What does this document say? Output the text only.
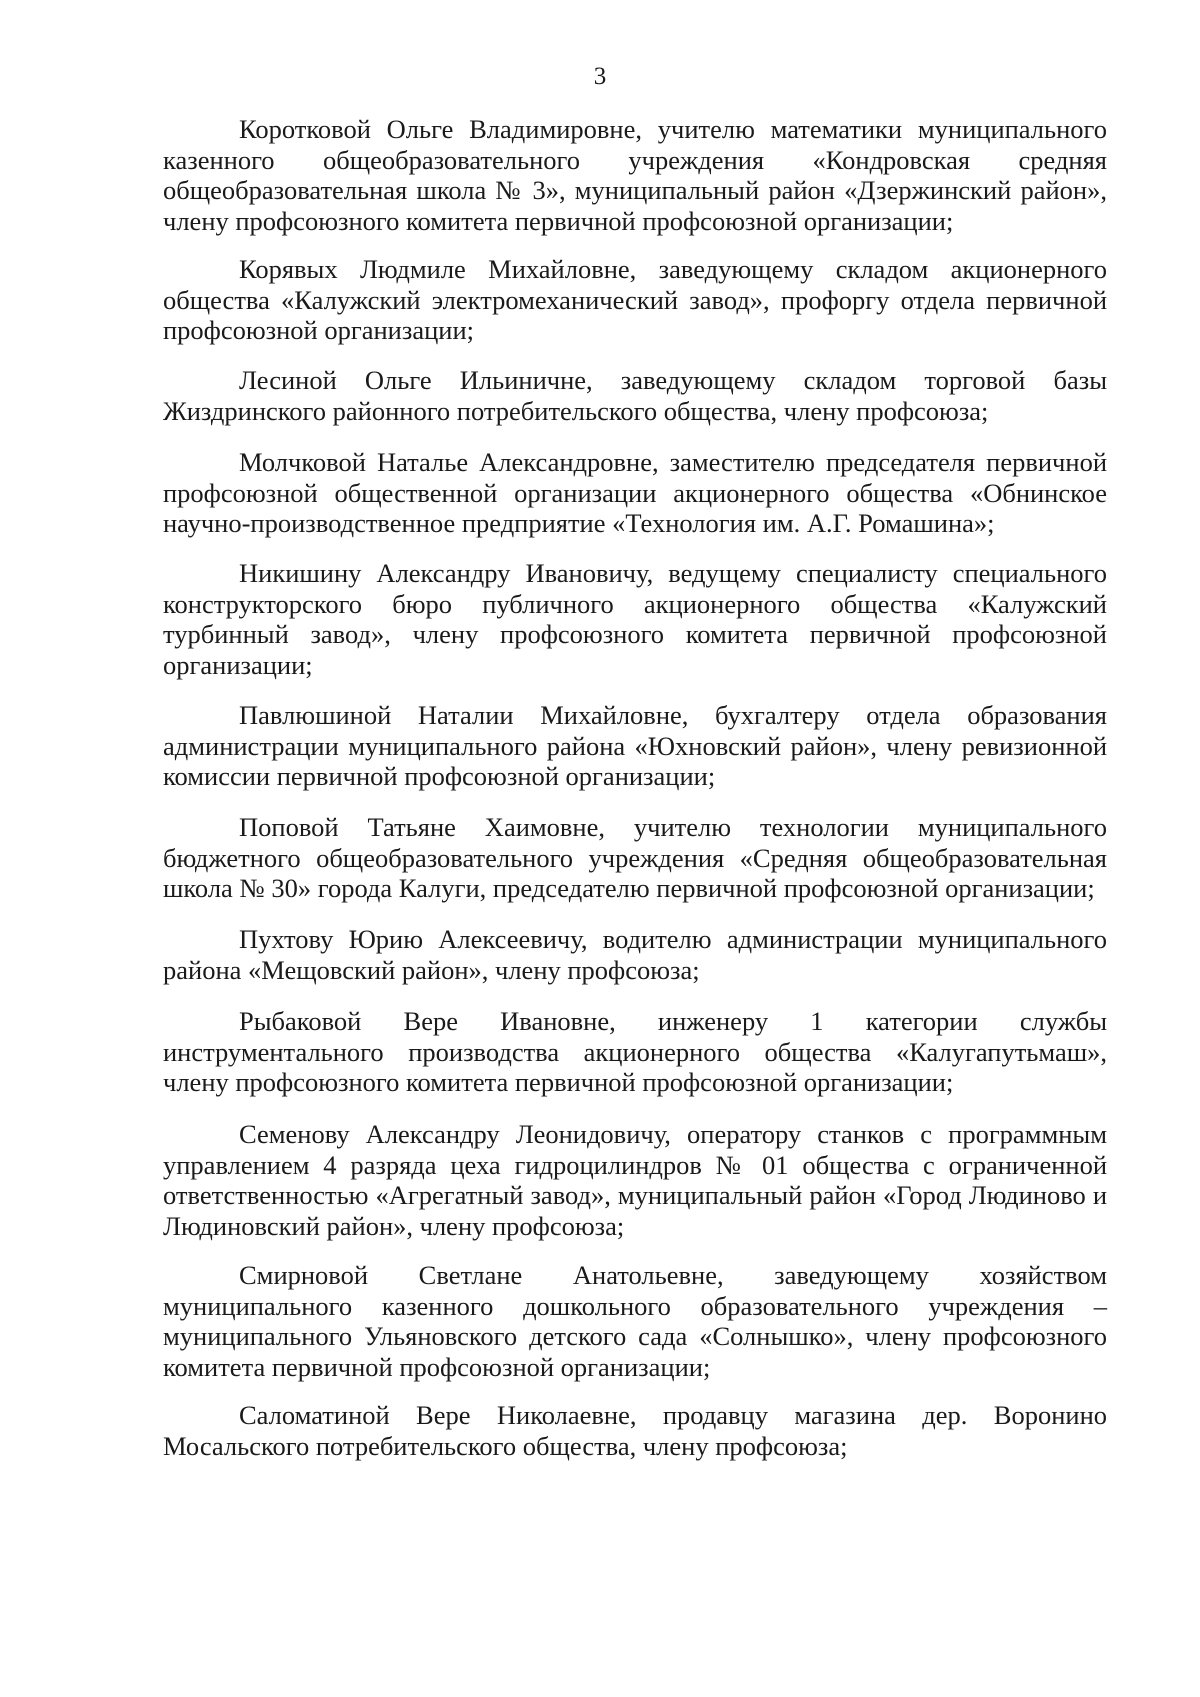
3

Коротковой Ольге Владимировне, учителю математики муниципального казенного общеобразовательного учреждения «Кондровская средняя общеобразовательная школа № 3», муниципальный район «Дзержинский район», члену профсоюзного комитета первичной профсоюзной организации;

Корявых Людмиле Михайловне, заведующему складом акционерного общества «Калужский электромеханический завод», профоргу отдела первичной профсоюзной организации;

Лесиной Ольге Ильиничне, заведующему складом торговой базы Жиздринского районного потребительского общества, члену профсоюза;

Молчковой Наталье Александровне, заместителю председателя первичной профсоюзной общественной организации акционерного общества «Обнинское научно-производственное предприятие «Технология им. А.Г. Ромашина»;

Никишину Александру Ивановичу, ведущему специалисту специального конструкторского бюро публичного акционерного общества «Калужский турбинный завод», члену профсоюзного комитета первичной профсоюзной организации;

Павлюшиной Наталии Михайловне, бухгалтеру отдела образования администрации муниципального района «Юхновский район», члену ревизионной комиссии первичной профсоюзной организации;

Поповой Татьяне Хаимовне, учителю технологии муниципального бюджетного общеобразовательного учреждения «Средняя общеобразовательная школа № 30» города Калуги, председателю первичной профсоюзной организации;

Пухтову Юрию Алексеевичу, водителю администрации муниципального района «Мещовский район», члену профсоюза;

Рыбаковой Вере Ивановне, инженеру 1 категории службы инструментального производства акционерного общества «Калугапутьмаш», члену профсоюзного комитета первичной профсоюзной организации;

Семенову Александру Леонидовичу, оператору станков с программным управлением 4 разряда цеха гидроцилиндров № 01 общества с ограниченной ответственностью «Агрегатный завод», муниципальный район «Город Людиново и Людиновский район», члену профсоюза;

Смирновой Светлане Анатольевне, заведующему хозяйством муниципального казенного дошкольного образовательного учреждения – муниципального Ульяновского детского сада «Солнышко», члену профсоюзного комитета первичной профсоюзной организации;

Саломатиной Вере Николаевне, продавцу магазина дер. Воронино Мосальского потребительского общества, члену профсоюза;
